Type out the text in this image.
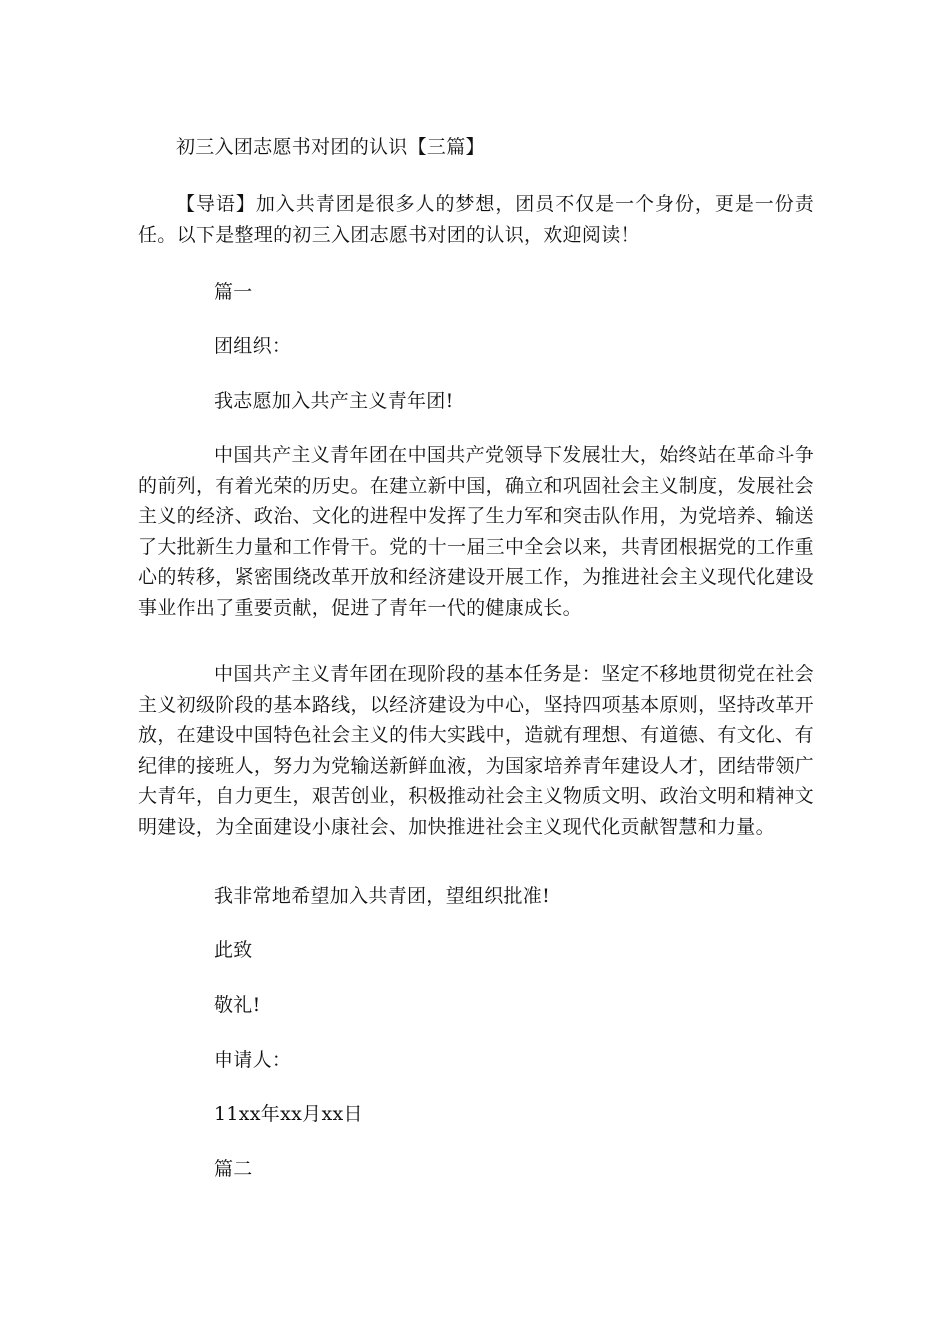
初三入团志愿书对团的认识【三篇】
【导语】加入共青团是很多人的梦想，团员不仅是一个身份，更是一份责任。以下是整理的初三入团志愿书对团的认识，欢迎阅读！
篇一
团组织：
我志愿加入共产主义青年团!
中国共产主义青年团在中国共产党领导下发展壮大，始终站在革命斗争的前列，有着光荣的历史。在建立新中国，确立和巩固社会主义制度，发展社会主义的经济、政治、文化的进程中发挥了生力军和突击队作用，为党培养、输送了大批新生力量和工作骨干。党的十一届三中全会以来，共青团根据党的工作重心的转移，紧密围绕改革开放和经济建设开展工作，为推进社会主义现代化建设事业作出了重要贡献，促进了青年一代的健康成长。
中国共产主义青年团在现阶段的基本任务是：坚定不移地贯彻党在社会主义初级阶段的基本路线，以经济建设为中心，坚持四项基本原则，坚持改革开放，在建设中国特色社会主义的伟大实践中，造就有理想、有道德、有文化、有纪律的接班人，努力为党输送新鲜血液，为国家培养青年建设人才，团结带领广大青年，自力更生，艰苦创业，积极推动社会主义物质文明、政治文明和精神文明建设，为全面建设小康社会、加快推进社会主义现代化贡献智慧和力量。
我非常地希望加入共青团，望组织批准!
此致
敬礼!
申请人：
11xx年xx月xx日
篇二
